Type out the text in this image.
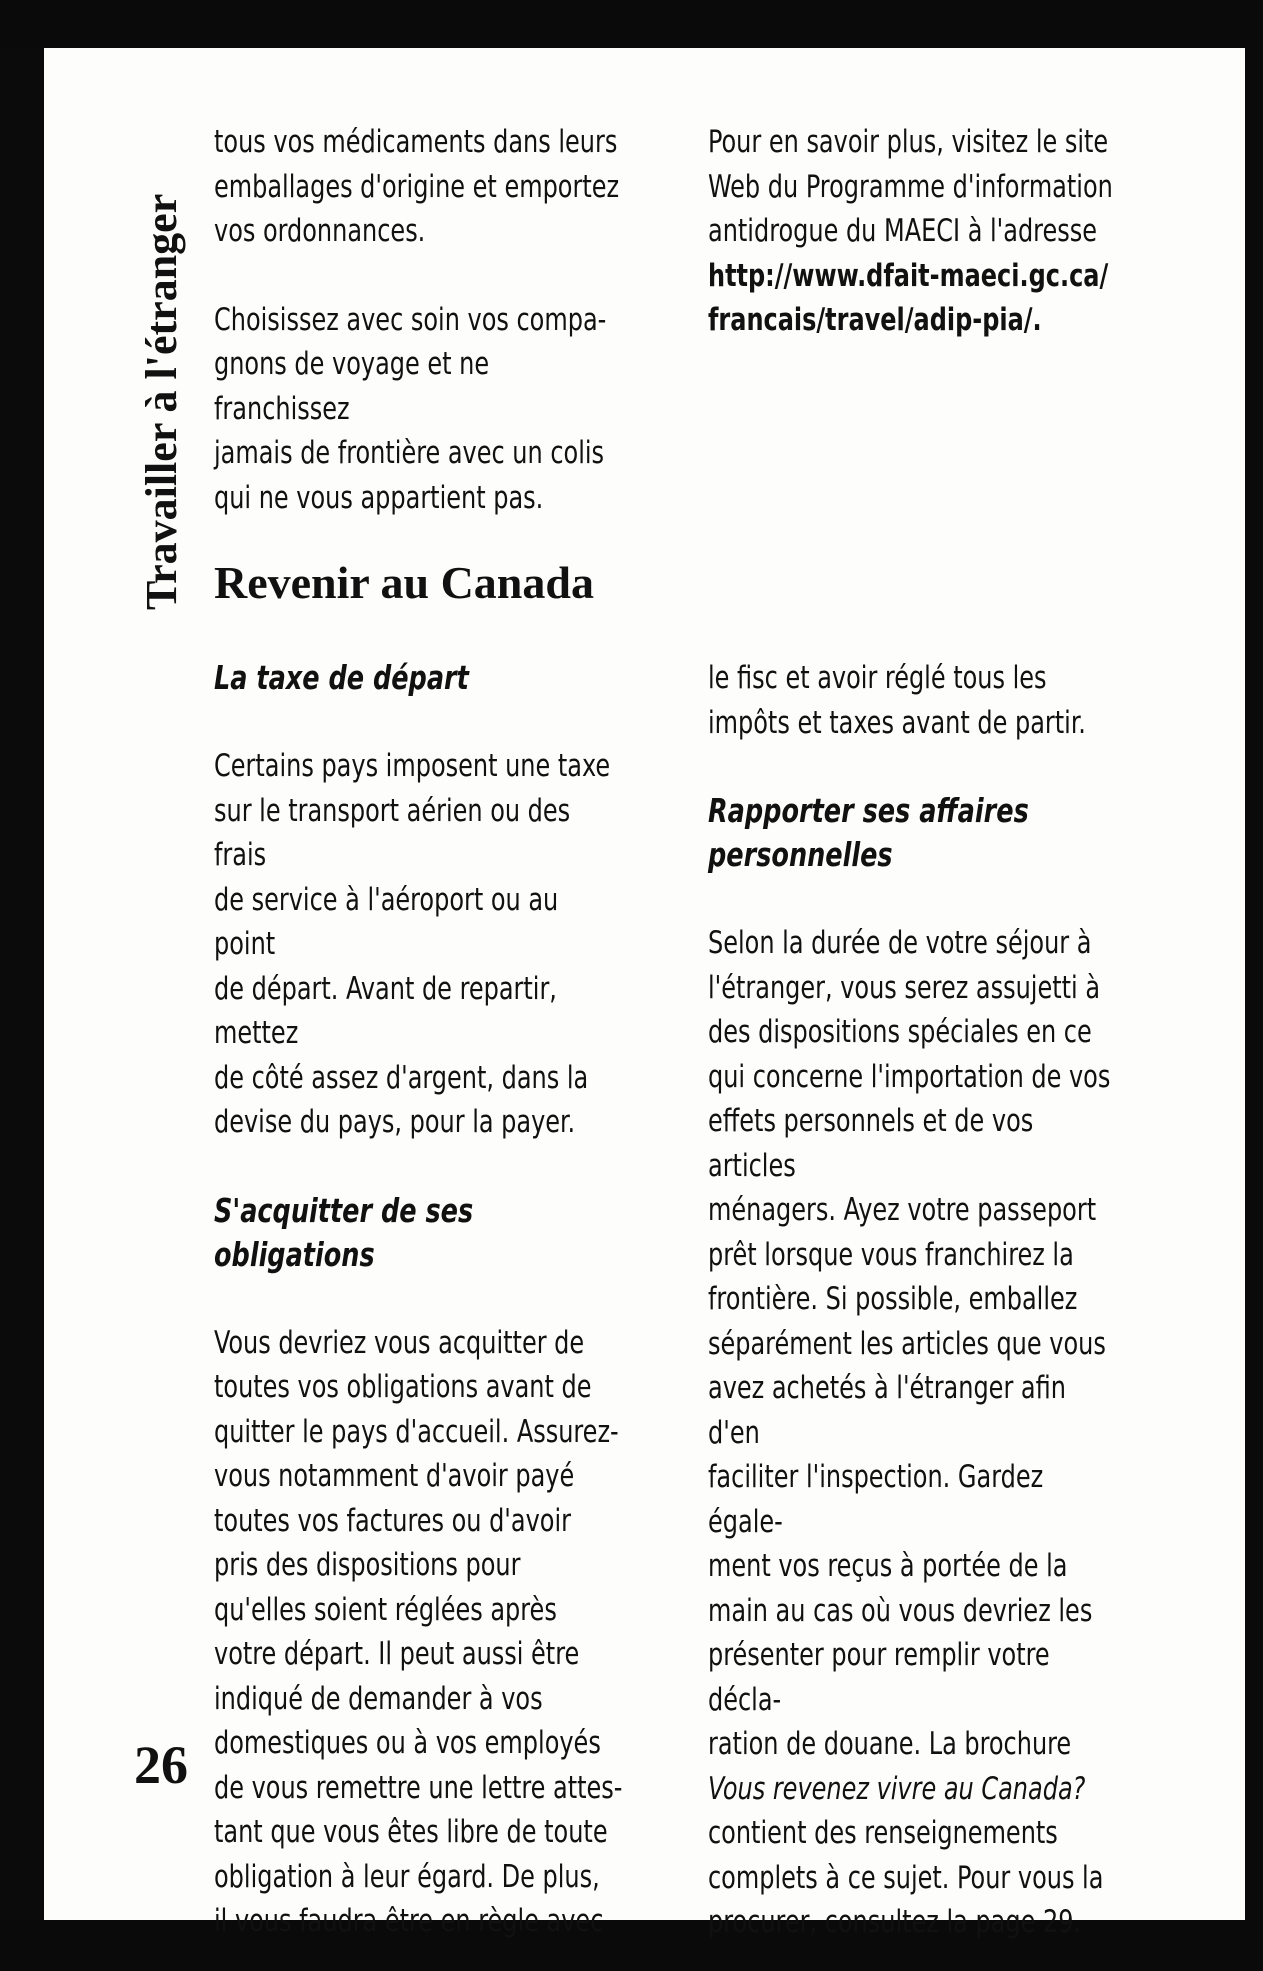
Travailler à l'étranger
26

tous vos médicaments dans leurs
emballages d'origine et emportez
vos ordonnances.

Choisissez avec soin vos compa-
gnons de voyage et ne franchissez
jamais de frontière avec un colis
qui ne vous appartient pas.

Pour en savoir plus, visitez le site
Web du Programme d'information
antidrogue du MAECI à l'adresse
http://www.dfait-maeci.gc.ca/
francais/travel/adip-pia/.

Revenir au Canada

La taxe de départ

Certains pays imposent une taxe
sur le transport aérien ou des frais
de service à l'aéroport ou au point
de départ. Avant de repartir, mettez
de côté assez d'argent, dans la
devise du pays, pour la payer.

S'acquitter de ses
obligations

Vous devriez vous acquitter de
toutes vos obligations avant de
quitter le pays d'accueil. Assurez-
vous notamment d'avoir payé
toutes vos factures ou d'avoir
pris des dispositions pour
qu'elles soient réglées après
votre départ. Il peut aussi être
indiqué de demander à vos
domestiques ou à vos employés
de vous remettre une lettre attes-
tant que vous êtes libre de toute
obligation à leur égard. De plus,
il vous faudra être en règle avec

le fisc et avoir réglé tous les
impôts et taxes avant de partir.

Rapporter ses affaires
personnelles

Selon la durée de votre séjour à
l'étranger, vous serez assujetti à
des dispositions spéciales en ce
qui concerne l'importation de vos
effets personnels et de vos articles
ménagers. Ayez votre passeport
prêt lorsque vous franchirez la
frontière. Si possible, emballez
séparément les articles que vous
avez achetés à l'étranger afin d'en
faciliter l'inspection. Gardez égale-
ment vos reçus à portée de la
main au cas où vous devriez les
présenter pour remplir votre décla-
ration de douane. La brochure
Vous revenez vivre au Canada?
contient des renseignements
complets à ce sujet. Pour vous la
procurer, consultez la page 29.
